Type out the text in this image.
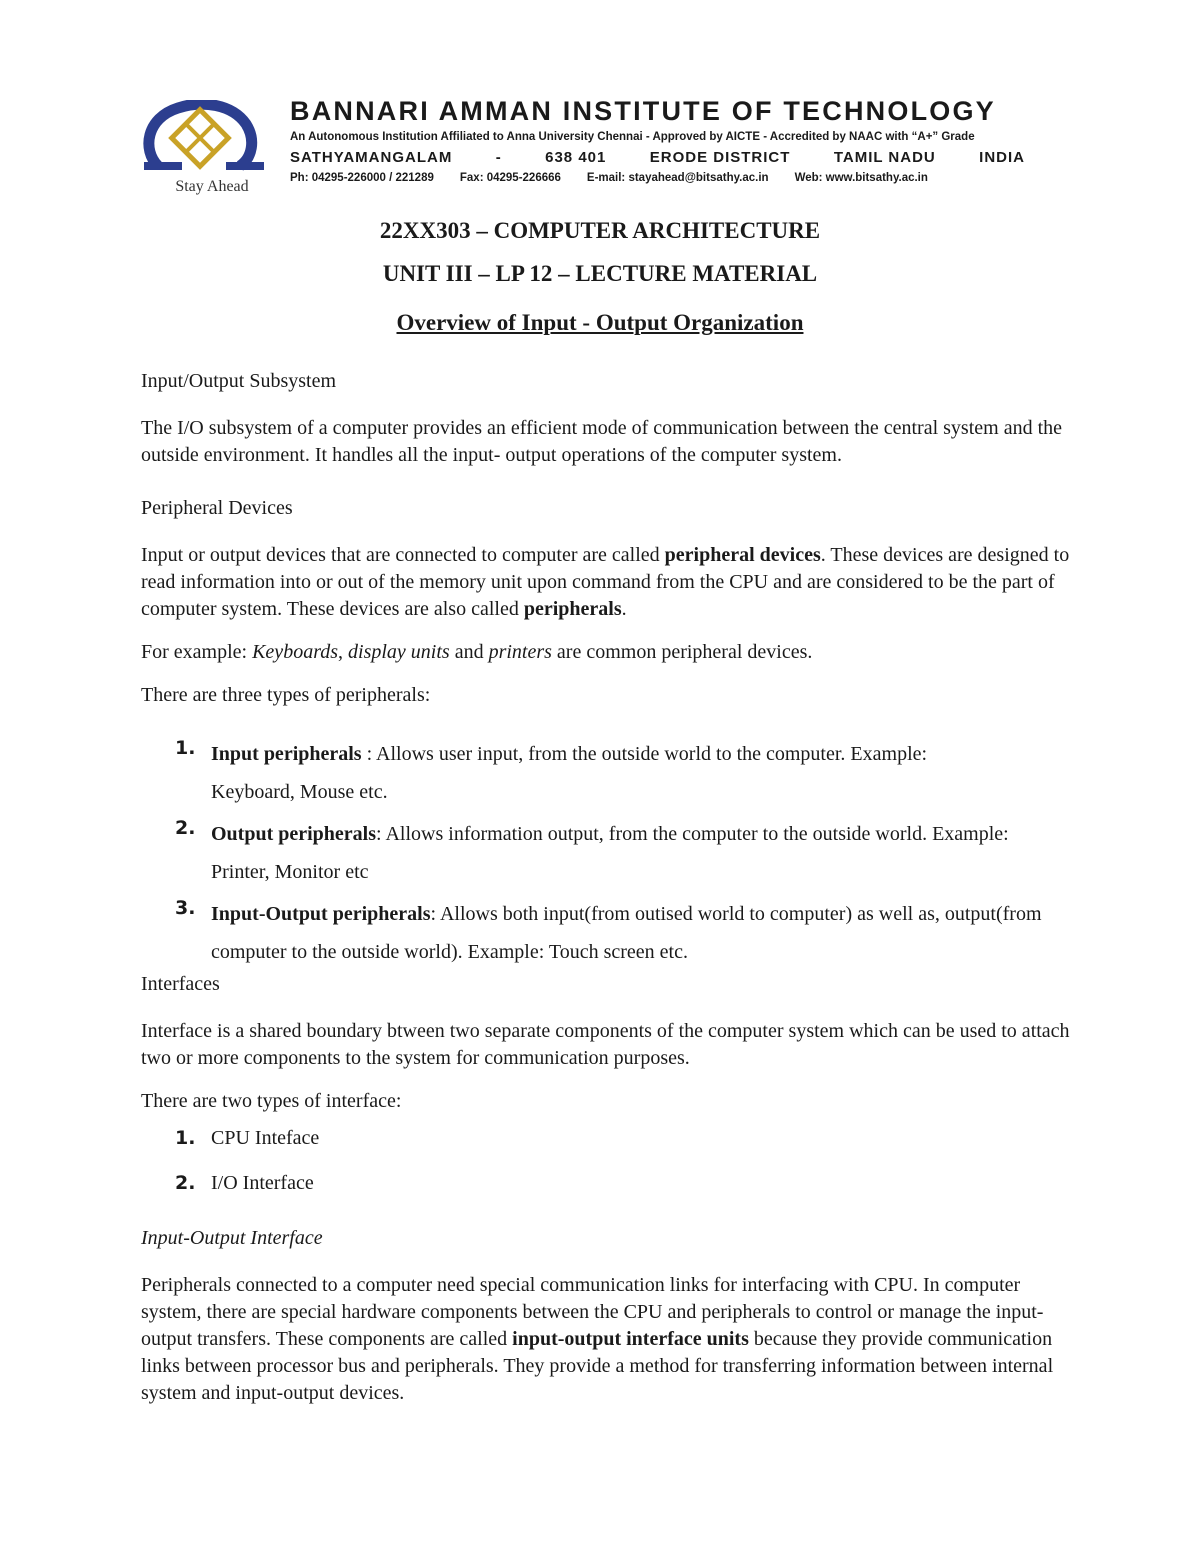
Stay Ahead
BANNARI AMMAN INSTITUTE OF TECHNOLOGY
An Autonomous Institution Affiliated to Anna University Chennai - Approved by AICTE - Accredited by NAAC with “A+” Grade
SATHYAMANGALAM	-	638 401	ERODE DISTRICT	TAMIL NADU	INDIA
Ph: 04295-226000 / 221289 Fax: 04295-226666 E-mail: stayahead@bitsathy.ac.in Web: www.bitsathy.ac.in
22XX303 – COMPUTER ARCHITECTURE
UNIT III – LP 12 – LECTURE MATERIAL
Overview of Input - Output Organization

Input/Output Subsystem

The I/O subsystem of a computer provides an efficient mode of communication between the central system and the outside environment. It handles all the input- output operations of the computer system.

Peripheral Devices

Input or output devices that are connected to computer are called peripheral devices. These devices are designed to read information into or out of the memory unit upon command from the CPU and are considered to be the part of computer system. These devices are also called peripherals.

For example: Keyboards, display units and printers are common peripheral devices.

There are three types of peripherals:

1. Input peripherals : Allows user input, from the outside world to the computer. Example: Keyboard, Mouse etc.
2. Output peripherals: Allows information output, from the computer to the outside world. Example: Printer, Monitor etc
3. Input-Output peripherals: Allows both input(from outised world to computer) as well as, output(from computer to the outside world). Example: Touch screen etc.

Interfaces

Interface is a shared boundary btween two separate components of the computer system which can be used to attach two or more components to the system for communication purposes.

There are two types of interface:

1. CPU Inteface
2. I/O Interface

Input-Output Interface

Peripherals connected to a computer need special communication links for interfacing with CPU. In computer system, there are special hardware components between the CPU and peripherals to control or manage the input-output transfers. These components are called input-output interface units because they provide communication links between processor bus and peripherals. They provide a method for transferring information between internal system and input-output devices.
